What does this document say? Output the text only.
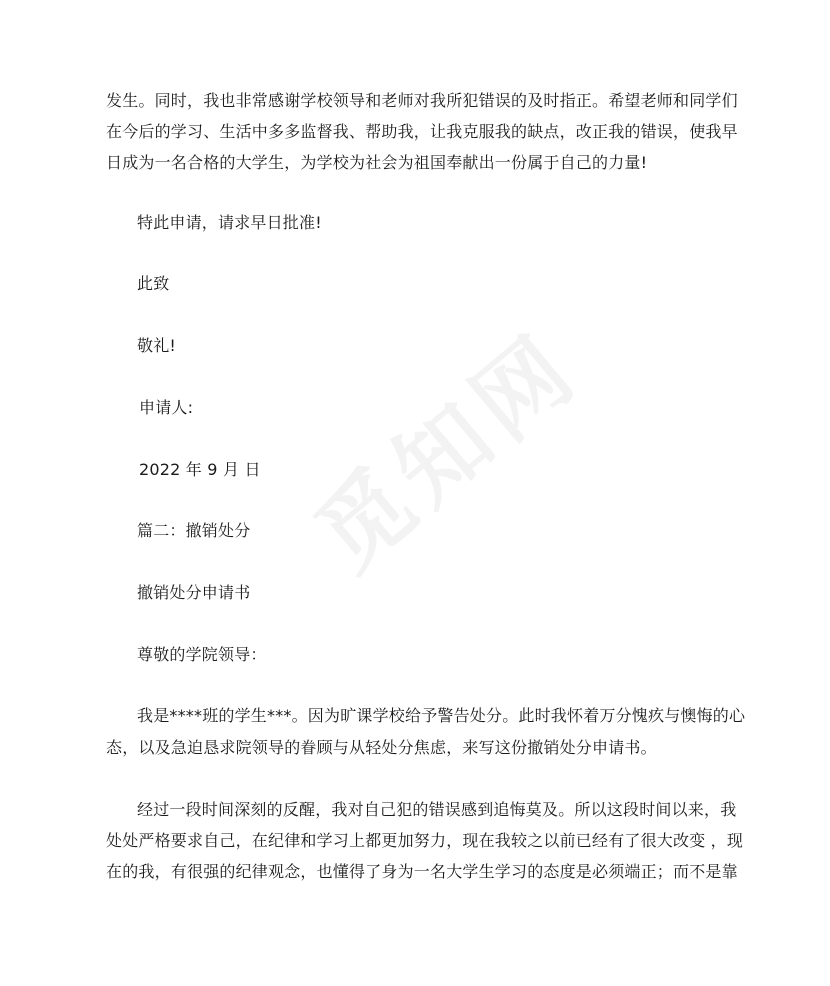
发生。同时，我也非常感谢学校领导和老师对我所犯错误的及时指正。希望老师和同学们
在今后的学习、生活中多多监督我、帮助我，让我克服我的缺点，改正我的错误，使我早
日成为一名合格的大学生，为学校为社会为祖国奉献出一份属于自己的力量!
特此申请，请求早日批准!
此致
敬礼!
申请人:
2022 年 9 月 日
篇二：撤销处分
撤销处分申请书
尊敬的学院领导：
我是****班的学生***。因为旷课学校给予警告处分。此时我怀着万分愧疚与懊悔的心
态，以及急迫恳求院领导的眷顾与从轻处分焦虑，来写这份撤销处分申请书。
经过一段时间深刻的反醒，我对自己犯的错误感到追悔莫及。所以这段时间以来，我
处处严格要求自己，在纪律和学习上都更加努力，现在我较之以前已经有了很大改变 ，现
在的我，有很强的纪律观念，也懂得了身为一名大学生学习的态度是必须端正；而不是靠
